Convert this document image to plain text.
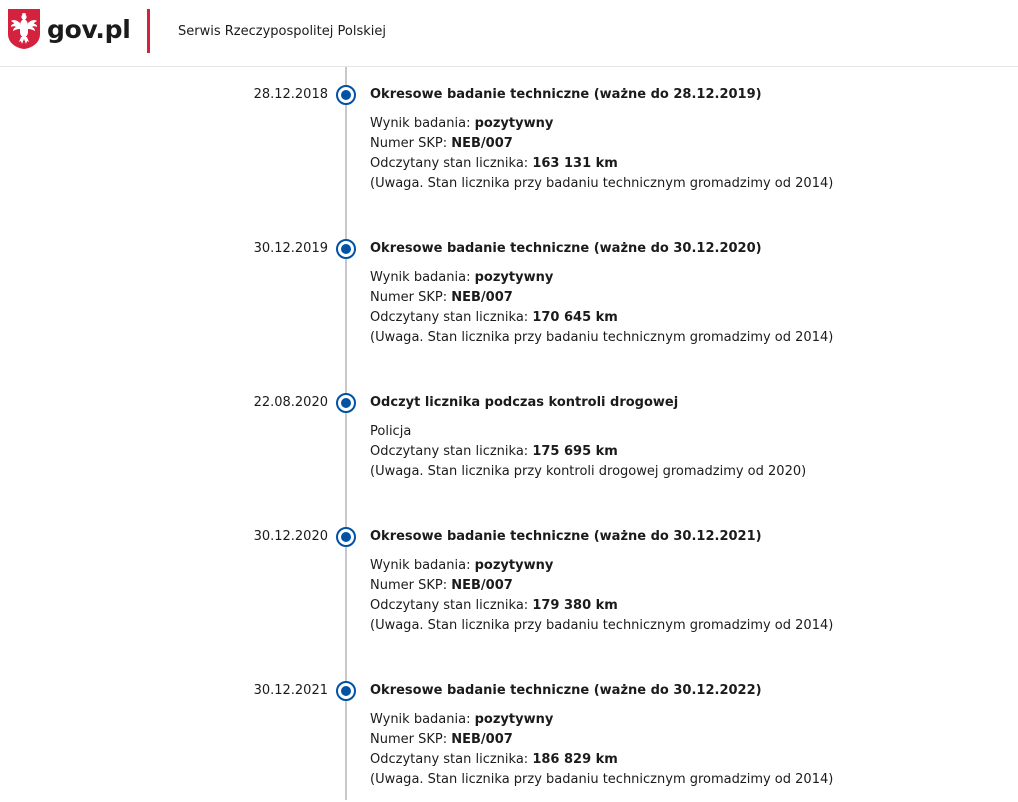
gov.pl	Serwis Rzeczypospolitej Polskiej
28.12.2018	Okresowe badanie techniczne (ważne do 28.12.2019)
Wynik badania: pozytywny
Numer SKP: NEB/007
Odczytany stan licznika: 163 131 km
(Uwaga. Stan licznika przy badaniu technicznym gromadzimy od 2014)
30.12.2019	Okresowe badanie techniczne (ważne do 30.12.2020)
Wynik badania: pozytywny
Numer SKP: NEB/007
Odczytany stan licznika: 170 645 km
(Uwaga. Stan licznika przy badaniu technicznym gromadzimy od 2014)
22.08.2020	Odczyt licznika podczas kontroli drogowej
Policja
Odczytany stan licznika: 175 695 km
(Uwaga. Stan licznika przy kontroli drogowej gromadzimy od 2020)
30.12.2020	Okresowe badanie techniczne (ważne do 30.12.2021)
Wynik badania: pozytywny
Numer SKP: NEB/007
Odczytany stan licznika: 179 380 km
(Uwaga. Stan licznika przy badaniu technicznym gromadzimy od 2014)
30.12.2021	Okresowe badanie techniczne (ważne do 30.12.2022)
Wynik badania: pozytywny
Numer SKP: NEB/007
Odczytany stan licznika: 186 829 km
(Uwaga. Stan licznika przy badaniu technicznym gromadzimy od 2014)
